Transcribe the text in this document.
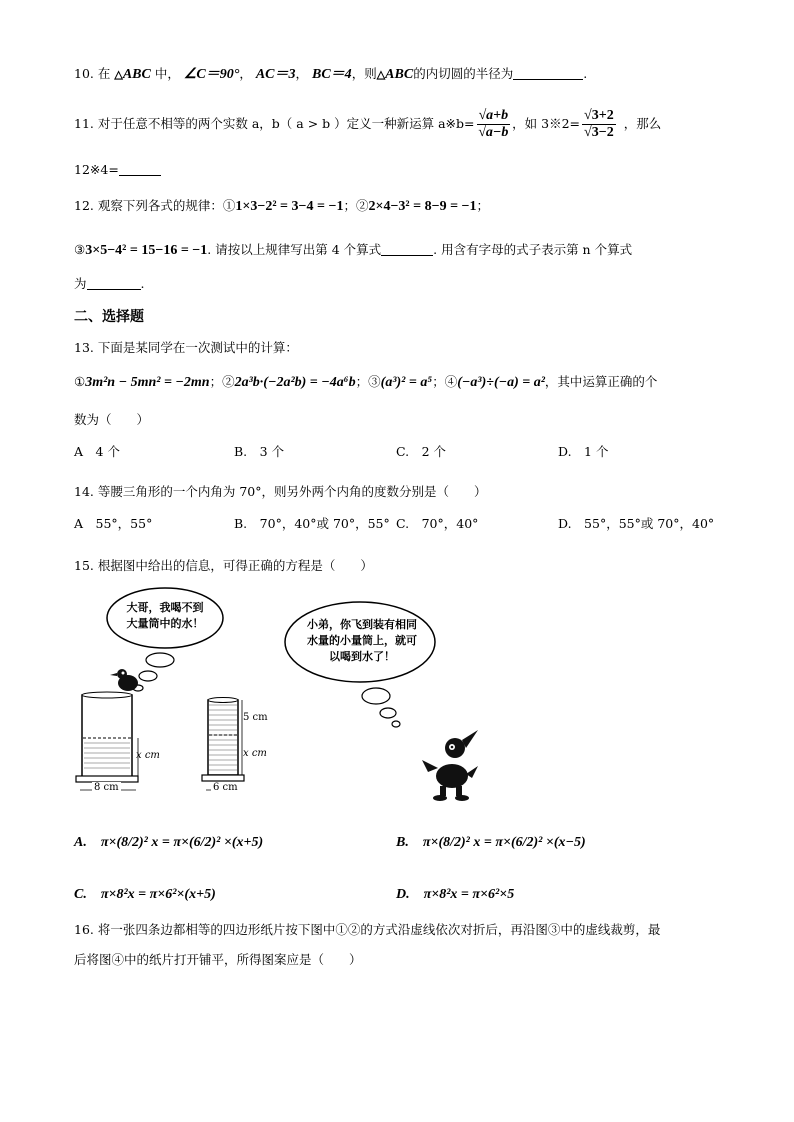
10. 在 △ABC 中， ∠C＝90°， AC＝3， BC＝4，则△ABC的内切圆的半径为	.
11. 对于任意不相等的两个实数 a，b（ a > b ）定义一种新运算 a※b= $\frac{√a+b}{√a-b}$ ，如 3※2= $\frac{√3+2}{√3-2}$ ，那么
12※4=
12. 观察下列各式的规律：①1×3−2² = 3−4 = −1；②2×4−3² = 8−9 = −1；
③3×5−4² = 15−16 = −1. 请按以上规律写出第 4 个算式	. 用含有字母的式子表示第 n 个算式
为	.
二、选择题
13. 下面是某同学在一次测试中的计算：
①3m²n − 5mn² = −2mn；②2a³b·(−2a²b) = −4a⁶b；③(a³)² = a⁵；④(−a³)÷(−a) = a²，其中运算正确的个
数为（　　）
A　4 个	B.　3 个	C.　2 个	D.　1 个
14. 等腰三角形的一个内角为 70°，则另外两个内角的度数分别是（　　）
A　55°，55°	B.　70°，40°或 70°，55° C.　70°，40°	D.　55°，55°或 70°，40°
15. 根据图中给出的信息，可得正确的方程是（　　）
大哥，我喝不到
大量筒中的水！	小弟，你飞到装有相同
水量的小量筒上，就可
以喝到水了！
8 cm	6 cm
x cm
5 cm
x cm
A.　π×(8/2)² x = π×(6/2)² ×(x+5)	B.　π×(8/2)² x = π×(6/2)² ×(x−5)
C.　π×8²x = π×6²×(x+5)	D.　π×8²x = π×6²×5
16. 将一张四条边都相等的四边形纸片按下图中①②的方式沿虚线依次对折后，再沿图③中的虚线裁剪，最
后将图④中的纸片打开铺平，所得图案应是（　　）
